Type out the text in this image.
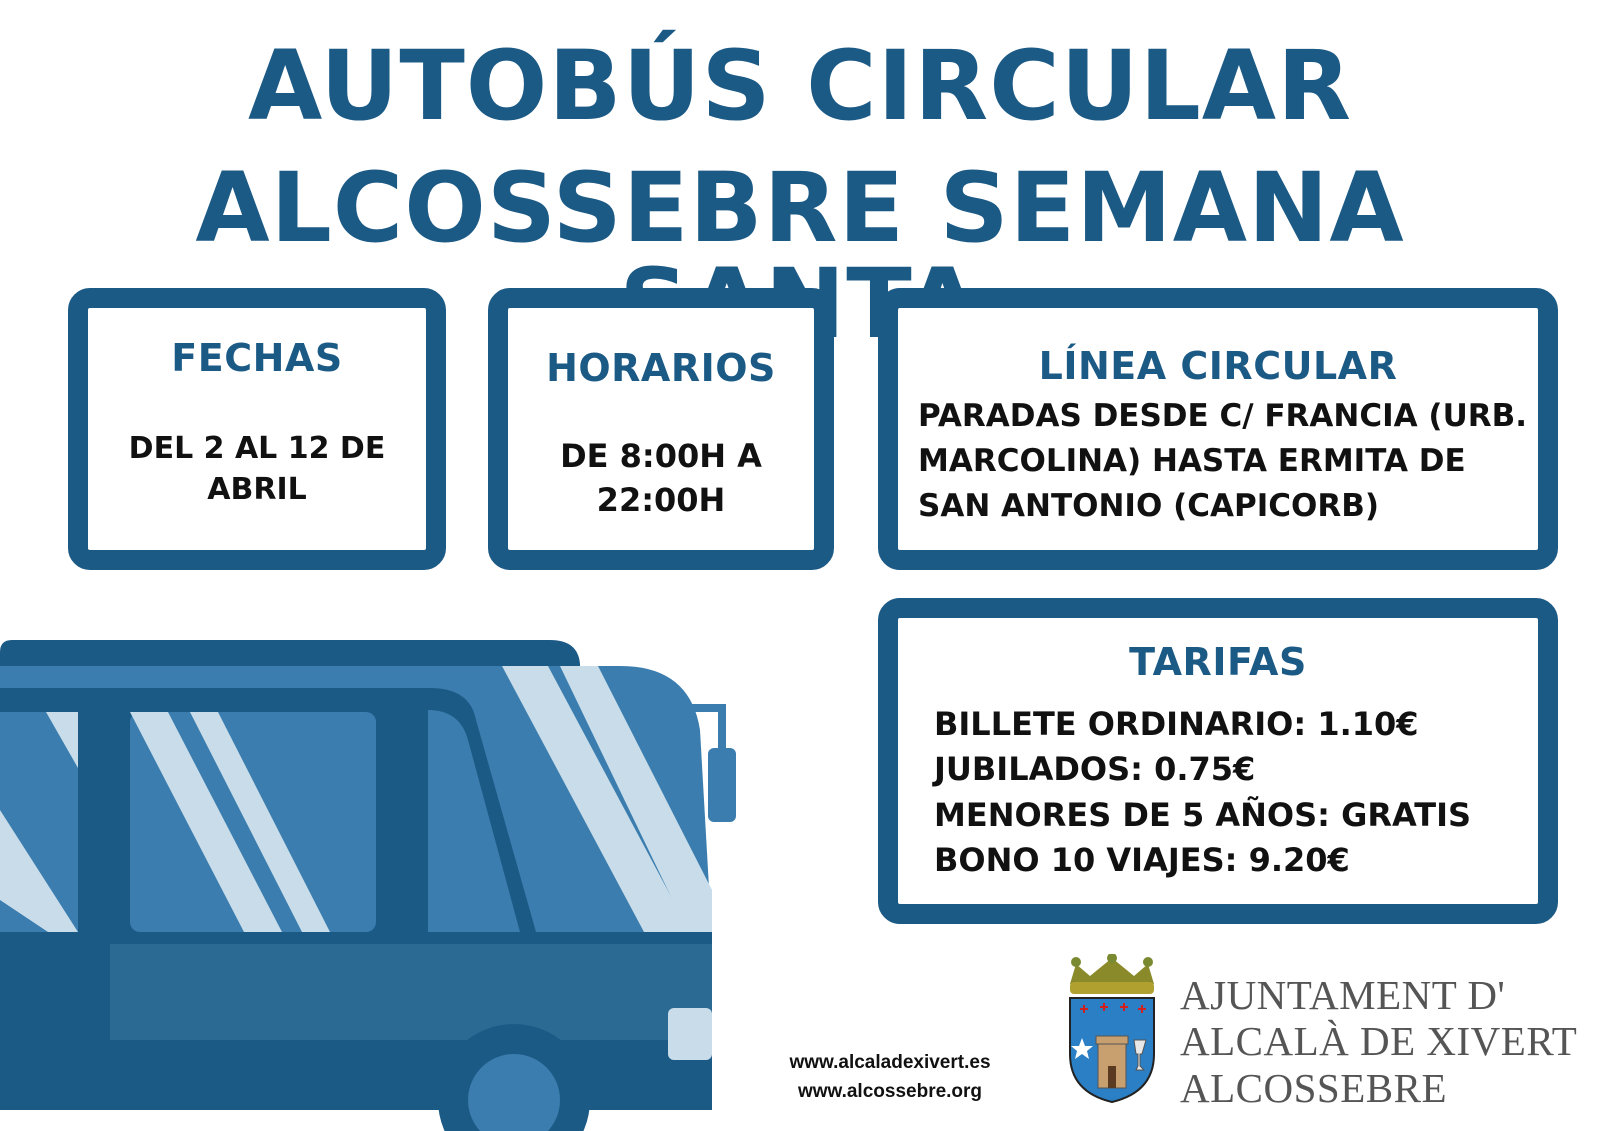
AUTOBÚS CIRCULAR
ALCOSSEBRE SEMANA
FECHAS
DEL 2 AL 12 DE ABRIL
HORARIOS
DE 8:00H A 22:00H
LÍNEA CIRCULAR
PARADAS DESDE C/ FRANCIA (URB. MARCOLINA) HASTA ERMITA DE SAN ANTONIO (CAPICORB)
TARIFAS
BILLETE ORDINARIO: 1.10€
JUBILADOS: 0.75€
MENORES DE 5 AÑOS: GRATIS
BONO 10 VIAJES: 9.20€
www.alcaladexivert.es
www.alcossebre.org
AJUNTAMENT D'
ALCALÀ DE XIVERT
ALCOSSEBRE
